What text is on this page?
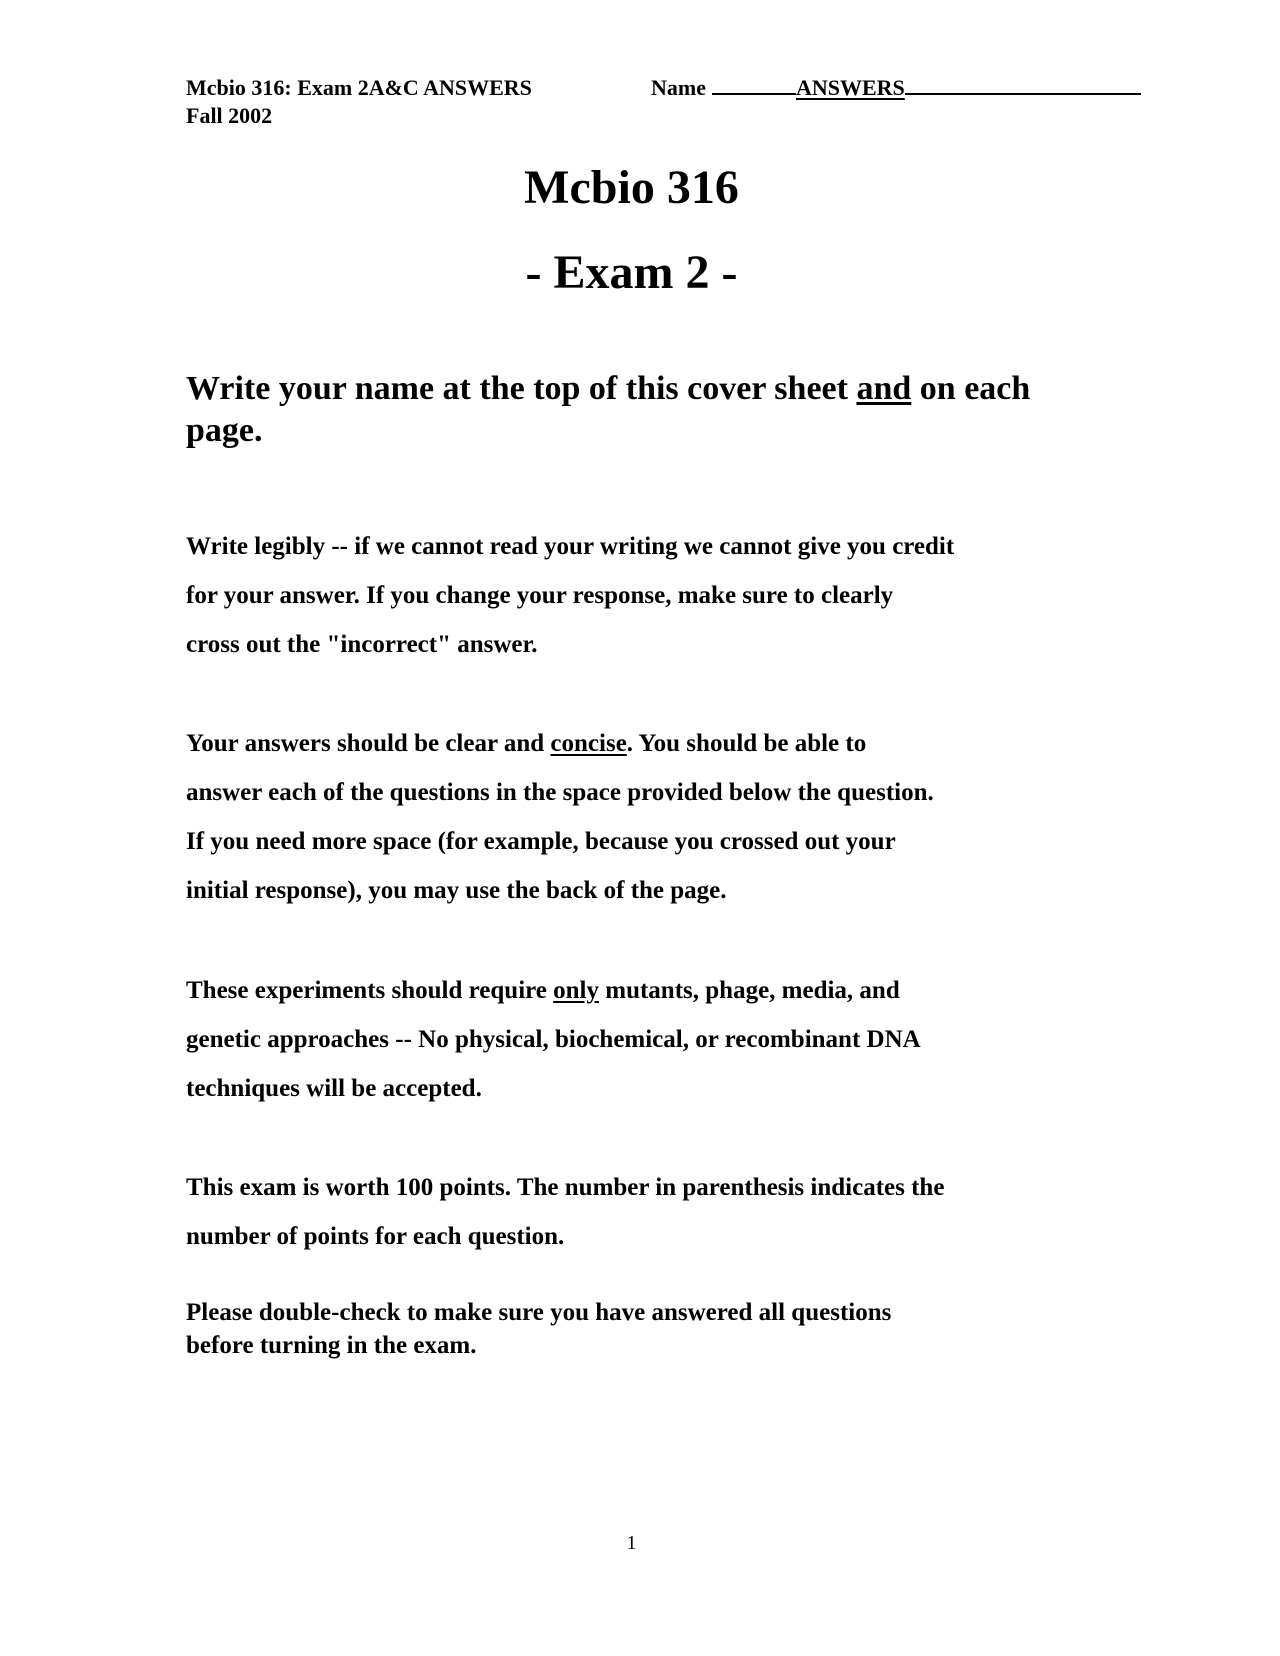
Mcbio 316: Exam 2A&C ANSWERS
Fall 2002
Name	ANSWERS
Mcbio 316
- Exam 2 -
Write your name at the top of this cover sheet and on each page.
Write legibly -- if we cannot read your writing we cannot give you credit
for your answer. If you change your response, make sure to clearly
cross out the "incorrect" answer.
Your answers should be clear and concise. You should be able to
answer each of the questions in the space provided below the question.
If you need more space (for example, because you crossed out your
initial response), you may use the back of the page.
These experiments should require only mutants, phage, media, and
genetic approaches -- No physical, biochemical, or recombinant DNA
techniques will be accepted.
This exam is worth 100 points. The number in parenthesis indicates the
number of points for each question.
Please double-check to make sure you have answered all questions
before turning in the exam.
1
